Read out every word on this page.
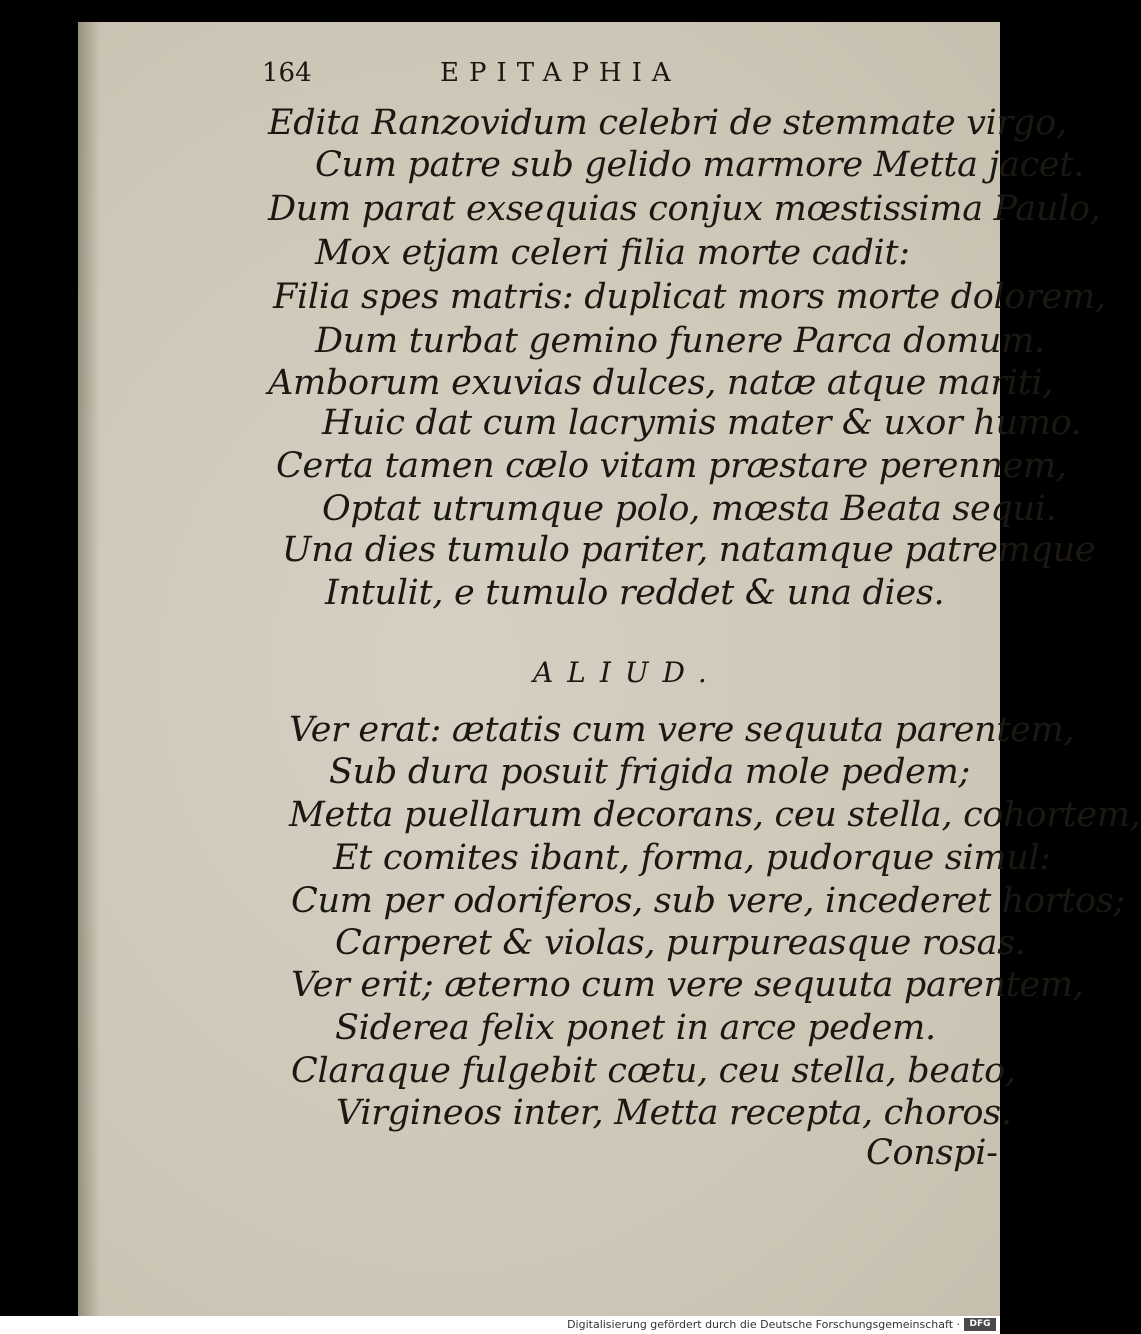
164	EPITAPHIA

Edita Ranzovidum celebri de stemmate virgo,

Cum patre sub gelido marmore Metta jacet.

Dum parat exsequias conjux mœstissima Paulo,

Mox etjam celeri filia morte cadit:

Filia spes matris: duplicat mors morte dolorem,

Dum turbat gemino funere Parca domum.

Amborum exuvias dulces, natæ atque mariti,

Huic dat cum lacrymis mater & uxor humo.

Certa tamen cælo vitam præstare perennem,

Optat utrumque polo, mœsta Beata sequi.

Una dies tumulo pariter, natamque patremque

Intulit, e tumulo reddet & una dies.

ALIUD.

Ver erat: ætatis cum vere sequuta parentem,

Sub dura posuit frigida mole pedem;

Metta puellarum decorans, ceu stella, cohortem,

Et comites ibant, forma, pudorque simul:

Cum per odoriferos, sub vere, incederet hortos;

Carperet & violas, purpureasque rosas.

Ver erit; æterno cum vere sequuta parentem,

Siderea felix ponet in arce pedem.

Claraque fulgebit cœtu, ceu stella, beato,

Virgineos inter, Metta recepta, choros.

Conspi-

Digitalisierung gefördert durch die Deutsche Forschungsgemeinschaft ·	DFG
